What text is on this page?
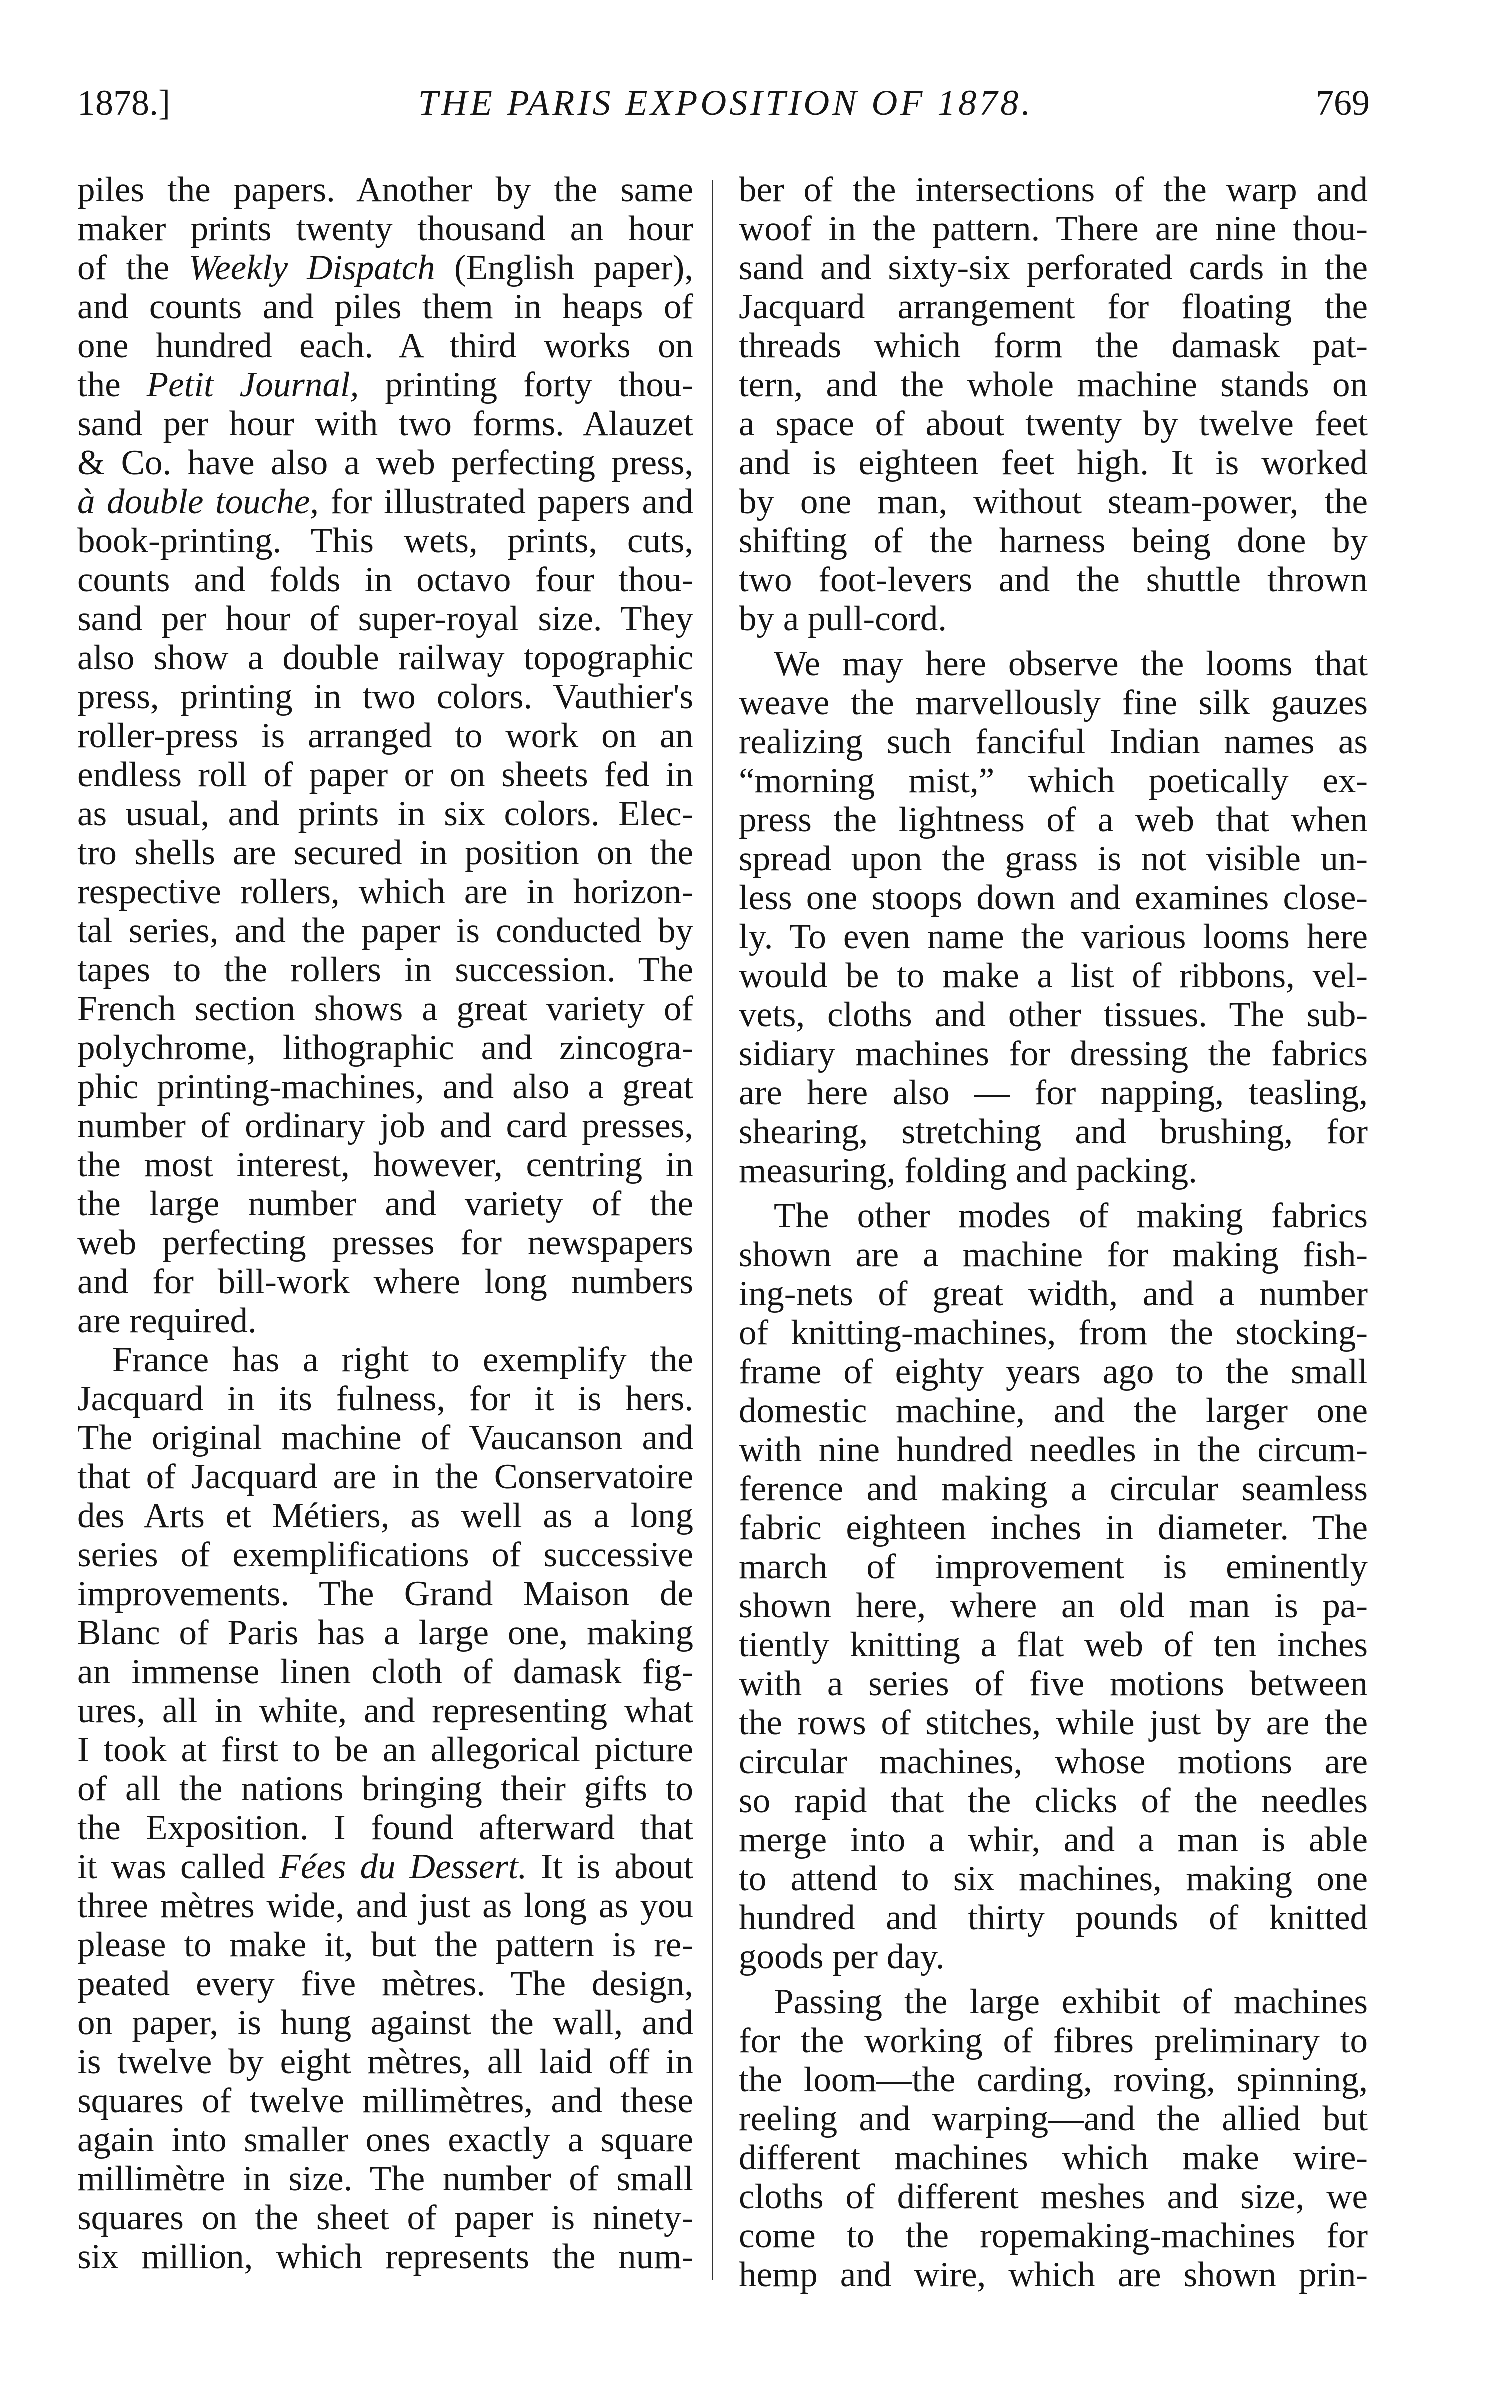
1878.]	THE PARIS EXPOSITION OF 1878.	769
piles the papers. Another by the same
maker prints twenty thousand an hour
of the Weekly Dispatch (English paper),
and counts and piles them in heaps of
one hundred each. A third works on
the Petit Journal, printing forty thou-
sand per hour with two forms. Alauzet
& Co. have also a web perfecting press,
à double touche, for illustrated papers and
book-printing. This wets, prints, cuts,
counts and folds in octavo four thou-
sand per hour of super-royal size. They
also show a double railway topographic
press, printing in two colors. Vauthier's
roller-press is arranged to work on an
endless roll of paper or on sheets fed in
as usual, and prints in six colors. Elec-
tro shells are secured in position on the
respective rollers, which are in horizon-
tal series, and the paper is conducted by
tapes to the rollers in succession. The
French section shows a great variety of
polychrome, lithographic and zincogra-
phic printing-machines, and also a great
number of ordinary job and card presses,
the most interest, however, centring in
the large number and variety of the
web perfecting presses for newspapers
and for bill-work where long numbers
are required.
France has a right to exemplify the
Jacquard in its fulness, for it is hers.
The original machine of Vaucanson and
that of Jacquard are in the Conservatoire
des Arts et Métiers, as well as a long
series of exemplifications of successive
improvements. The Grand Maison de
Blanc of Paris has a large one, making
an immense linen cloth of damask fig-
ures, all in white, and representing what
I took at first to be an allegorical picture
of all the nations bringing their gifts to
the Exposition. I found afterward that
it was called Fées du Dessert. It is about
three mètres wide, and just as long as you
please to make it, but the pattern is re-
peated every five mètres. The design,
on paper, is hung against the wall, and
is twelve by eight mètres, all laid off in
squares of twelve millimètres, and these
again into smaller ones exactly a square
millimètre in size. The number of small
squares on the sheet of paper is ninety-
six million, which represents the num-
ber of the intersections of the warp and
woof in the pattern. There are nine thou-
sand and sixty-six perforated cards in the
Jacquard arrangement for floating the
threads which form the damask pat-
tern, and the whole machine stands on
a space of about twenty by twelve feet
and is eighteen feet high. It is worked
by one man, without steam-power, the
shifting of the harness being done by
two foot-levers and the shuttle thrown
by a pull-cord.
We may here observe the looms that
weave the marvellously fine silk gauzes
realizing such fanciful Indian names as
“morning mist,” which poetically ex-
press the lightness of a web that when
spread upon the grass is not visible un-
less one stoops down and examines close-
ly. To even name the various looms here
would be to make a list of ribbons, vel-
vets, cloths and other tissues. The sub-
sidiary machines for dressing the fabrics
are here also — for napping, teasling,
shearing, stretching and brushing, for
measuring, folding and packing.
The other modes of making fabrics
shown are a machine for making fish-
ing-nets of great width, and a number
of knitting-machines, from the stocking-
frame of eighty years ago to the small
domestic machine, and the larger one
with nine hundred needles in the circum-
ference and making a circular seamless
fabric eighteen inches in diameter. The
march of improvement is eminently
shown here, where an old man is pa-
tiently knitting a flat web of ten inches
with a series of five motions between
the rows of stitches, while just by are the
circular machines, whose motions are
so rapid that the clicks of the needles
merge into a whir, and a man is able
to attend to six machines, making one
hundred and thirty pounds of knitted
goods per day.
Passing the large exhibit of machines
for the working of fibres preliminary to
the loom—the carding, roving, spinning,
reeling and warping—and the allied but
different machines which make wire-
cloths of different meshes and size, we
come to the ropemaking-machines for
hemp and wire, which are shown prin-
